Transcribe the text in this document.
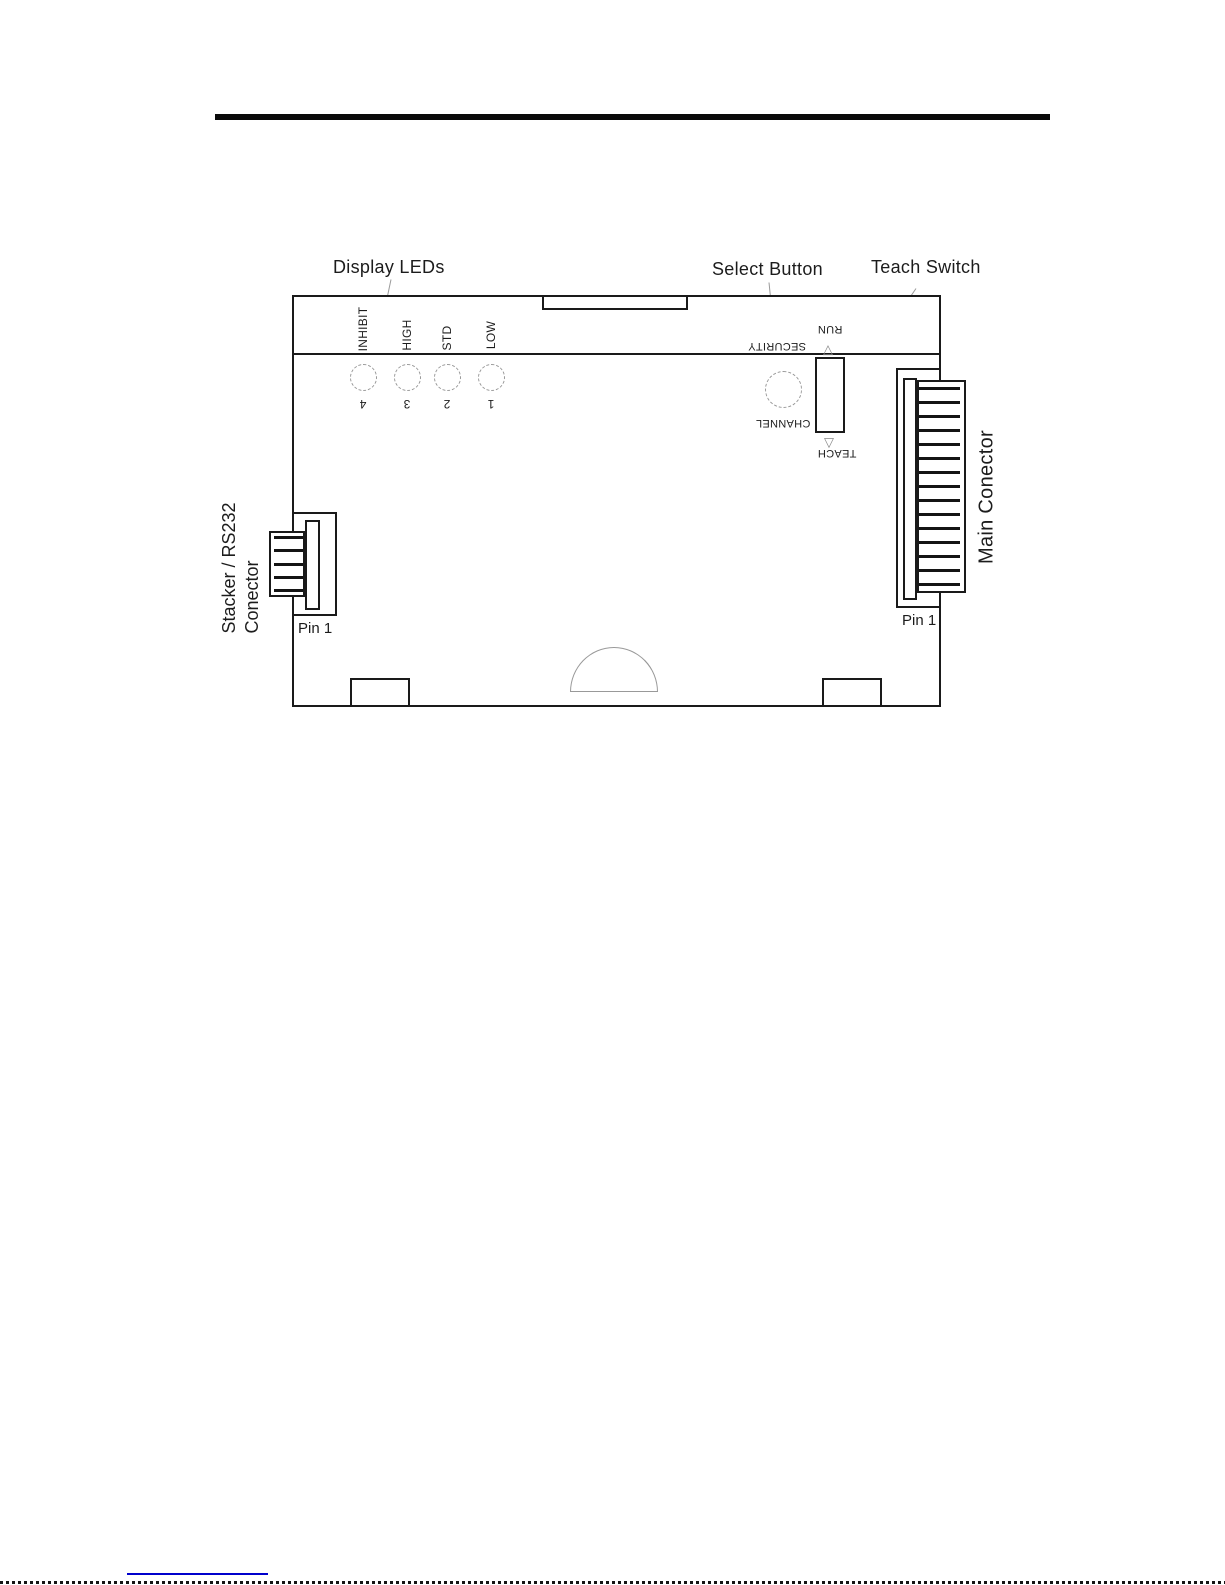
Display LEDs	Select Button	Teach Switch
INHIBIT	HIGH STD	LOW
4	3	2	1
SECURITY
CHANNEL
RUN
△
▽
TEACH	Main Conector
Pin 1
Stacker / RS232 Conector Pin 1
